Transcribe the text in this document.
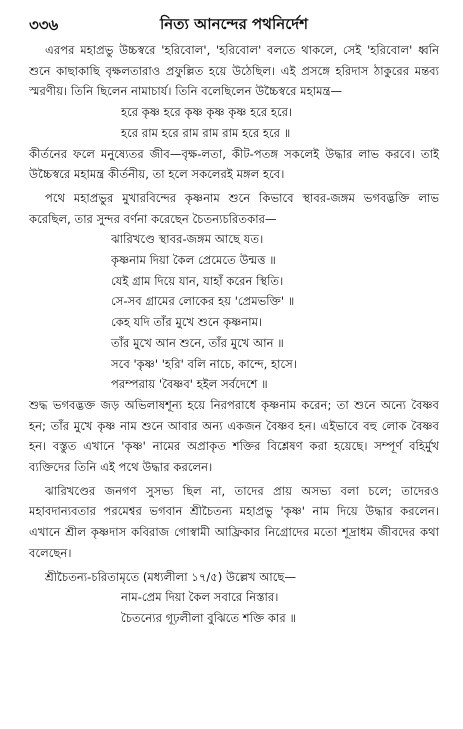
৩৩৬	নিত্য আনন্দের পথনির্দেশ

এরপর মহাপ্রভু উচ্চস্বরে 'হরিবোল', 'হরিবোল' বলতে থাকলে, সেই 'হরিবোল' ধ্বনি শুনে কাছাকাছি বৃক্ষলতারাও প্রফুল্লিত হয়ে উঠেছিল। এই প্রসঙ্গে হরিদাস ঠাকুরের মন্তব্য স্মরণীয়। তিনি ছিলেন নামাচার্য। তিনি বলেছিলেন উচ্চৈস্বরে মহামন্ত্র—

হরে কৃষ্ণ হরে কৃষ্ণ কৃষ্ণ কৃষ্ণ হরে হরে।

হরে রাম হরে রাম রাম রাম হরে হরে ॥

কীর্তনের ফলে মনুষ্যেতর জীব—বৃক্ষ-লতা, কীট-পতঙ্গ সকলেই উদ্ধার লাভ করবে। তাই উচ্চৈস্বরে মহামন্ত্র কীর্তনীয়, তা হলে সকলেরই মঙ্গল হবে।

পথে মহাপ্রভুর মুখারবিন্দের কৃষ্ণনাম শুনে কিভাবে স্থাবর-জঙ্গম ভগবদ্ভক্তি লাভ করেছিল, তার সুন্দর বর্ণনা করেছেন চৈতন্যচরিতকার—

ঝারিখণ্ডে স্থাবর-জঙ্গম আছে যত।

কৃষ্ণনাম দিয়া কৈল প্রেমেতে উন্মত্ত ॥

যেই গ্রাম দিয়ে যান, যাহাঁ করেন স্থিতি।

সে-সব গ্রামের লোকের হয় 'প্রেমভক্তি' ॥

কেহ যদি তাঁর মুখে শুনে কৃষ্ণনাম।

তাঁর মুখে আন শুনে, তাঁর মুখে আন ॥

সবে 'কৃষ্ণ' 'হরি' বলি নাচে, কান্দে, হাসে।

পরম্পরায় 'বৈষ্ণব' হইল সর্বদেশে ॥

শুদ্ধ ভগবদ্ভক্ত জড় অভিলাষশূন্য হয়ে নিরপরাধে কৃষ্ণনাম করেন; তা শুনে অন্যে বৈষ্ণব হন; তাঁর মুখে কৃষ্ণ নাম শুনে আবার অন্য একজন বৈষ্ণব হন। এইভাবে বহু লোক বৈষ্ণব হন। বস্তুত এখানে 'কৃষ্ণ' নামের অপ্রাকৃত শক্তির বিশ্লেষণ করা হয়েছে। সম্পূর্ণ বহির্মুখ ব্যক্তিদের তিনি এই পথে উদ্ধার করলেন।

ঝারিখণ্ডের জনগণ সুসভ্য ছিল না, তাদের প্রায় অসভ্য বলা চলে; তাদেরও মহাবদান্যবতার পরমেশ্বর ভগবান শ্রীচৈতন্য মহাপ্রভু 'কৃষ্ণ' নাম দিয়ে উদ্ধার করলেন। এখানে শ্রীল কৃষ্ণদাস কবিরাজ গোস্বামী আফ্রিকার নিগ্রোদের মতো শূদ্রাধম জীবদের কথা বলেছেন।

শ্রীচৈতন্য-চরিতামৃতে (মধ্যলীলা ১৭/৫) উল্লেখ আছে—

নাম-প্রেম দিয়া কৈল সবারে নিস্তার।

চৈতন্যের গূঢ়লীলা বুঝিতে শক্তি কার ॥
